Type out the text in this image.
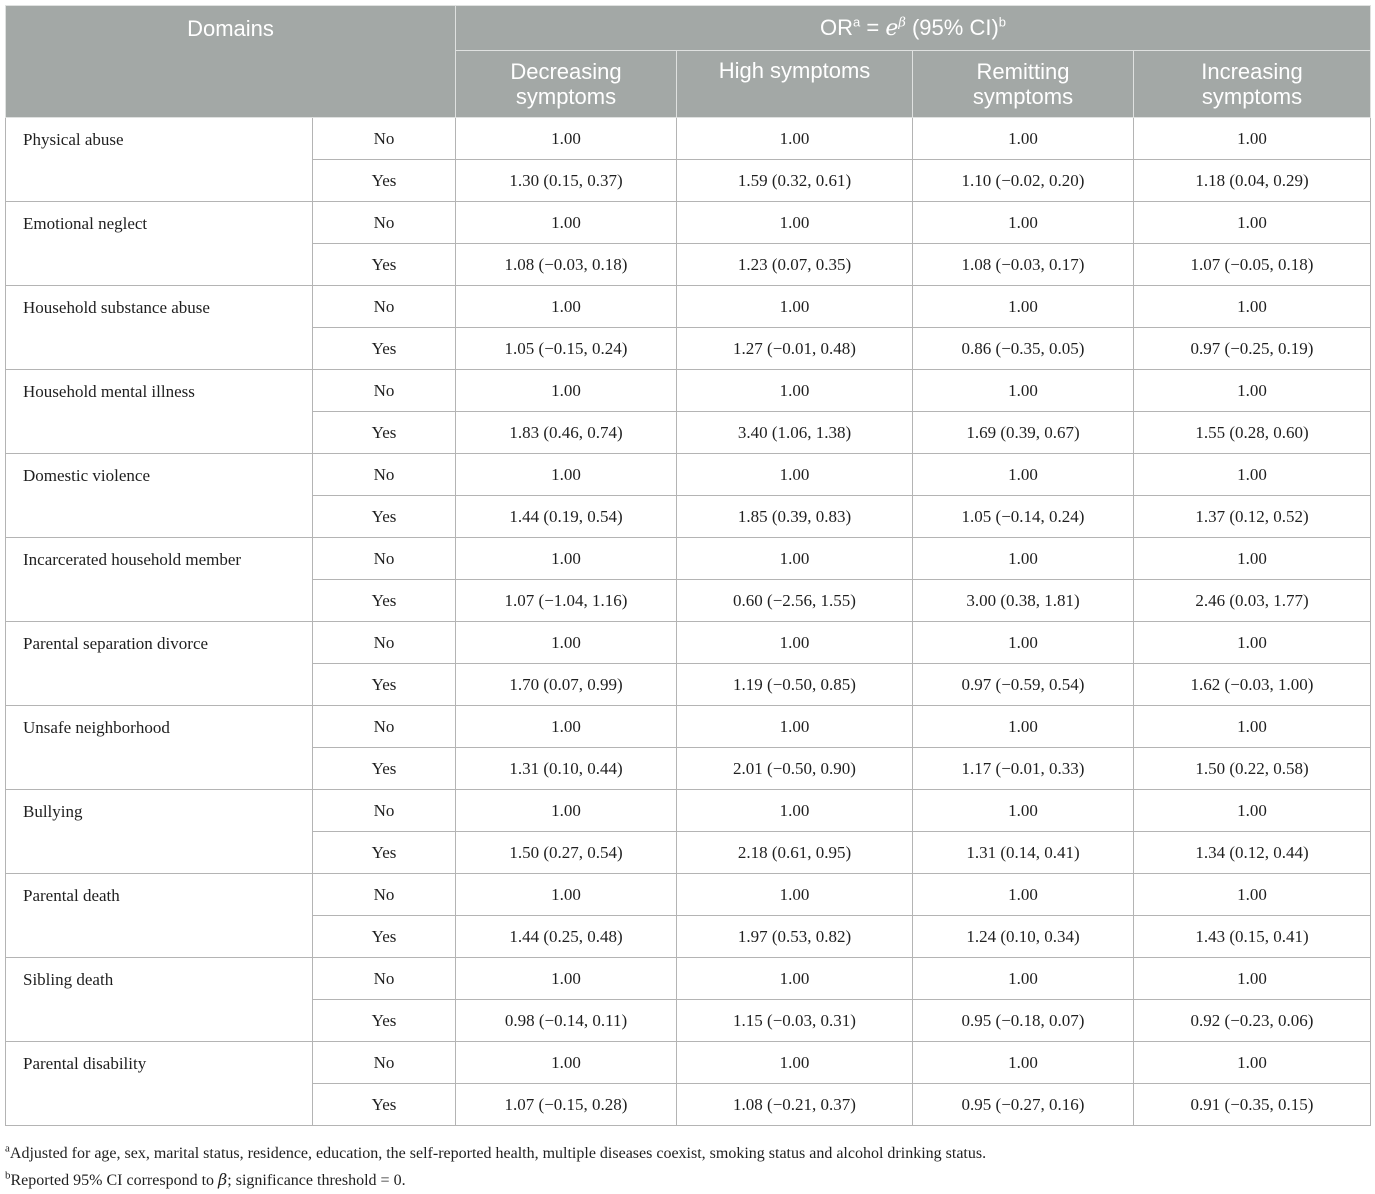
Domains		$OR^a = e^\beta$ (95% CI)$^b$
		Decreasing symptoms	High symptoms	Remitting symptoms	Increasing symptoms
Physical abuse	No	1.00	1.00	1.00	1.00
	Yes	1.30 (0.15, 0.37)	1.59 (0.32, 0.61)	1.10 (−0.02, 0.20)	1.18 (0.04, 0.29)
Emotional neglect	No	1.00	1.00	1.00	1.00
	Yes	1.08 (−0.03, 0.18)	1.23 (0.07, 0.35)	1.08 (−0.03, 0.17)	1.07 (−0.05, 0.18)
Household substance abuse	No	1.00	1.00	1.00	1.00
	Yes	1.05 (−0.15, 0.24)	1.27 (−0.01, 0.48)	0.86 (−0.35, 0.05)	0.97 (−0.25, 0.19)
Household mental illness	No	1.00	1.00	1.00	1.00
	Yes	1.83 (0.46, 0.74)	3.40 (1.06, 1.38)	1.69 (0.39, 0.67)	1.55 (0.28, 0.60)
Domestic violence	No	1.00	1.00	1.00	1.00
	Yes	1.44 (0.19, 0.54)	1.85 (0.39, 0.83)	1.05 (−0.14, 0.24)	1.37 (0.12, 0.52)
Incarcerated household member	No	1.00	1.00	1.00	1.00
	Yes	1.07 (−1.04, 1.16)	0.60 (−2.56, 1.55)	3.00 (0.38, 1.81)	2.46 (0.03, 1.77)
Parental separation divorce	No	1.00	1.00	1.00	1.00
	Yes	1.70 (0.07, 0.99)	1.19 (−0.50, 0.85)	0.97 (−0.59, 0.54)	1.62 (−0.03, 1.00)
Unsafe neighborhood	No	1.00	1.00	1.00	1.00
	Yes	1.31 (0.10, 0.44)	2.01 (−0.50, 0.90)	1.17 (−0.01, 0.33)	1.50 (0.22, 0.58)
Bullying	No	1.00	1.00	1.00	1.00
	Yes	1.50 (0.27, 0.54)	2.18 (0.61, 0.95)	1.31 (0.14, 0.41)	1.34 (0.12, 0.44)
Parental death	No	1.00	1.00	1.00	1.00
	Yes	1.44 (0.25, 0.48)	1.97 (0.53, 0.82)	1.24 (0.10, 0.34)	1.43 (0.15, 0.41)
Sibling death	No	1.00	1.00	1.00	1.00
	Yes	0.98 (−0.14, 0.11)	1.15 (−0.03, 0.31)	0.95 (−0.18, 0.07)	0.92 (−0.23, 0.06)
Parental disability	No	1.00	1.00	1.00	1.00
	Yes	1.07 (−0.15, 0.28)	1.08 (−0.21, 0.37)	0.95 (−0.27, 0.16)	0.91 (−0.35, 0.15)
$^a$Adjusted for age, sex, marital status, residence, education, the self-reported health, multiple diseases coexist, smoking status and alcohol drinking status.
$^b$Reported 95% CI correspond to β; significance threshold = 0.
